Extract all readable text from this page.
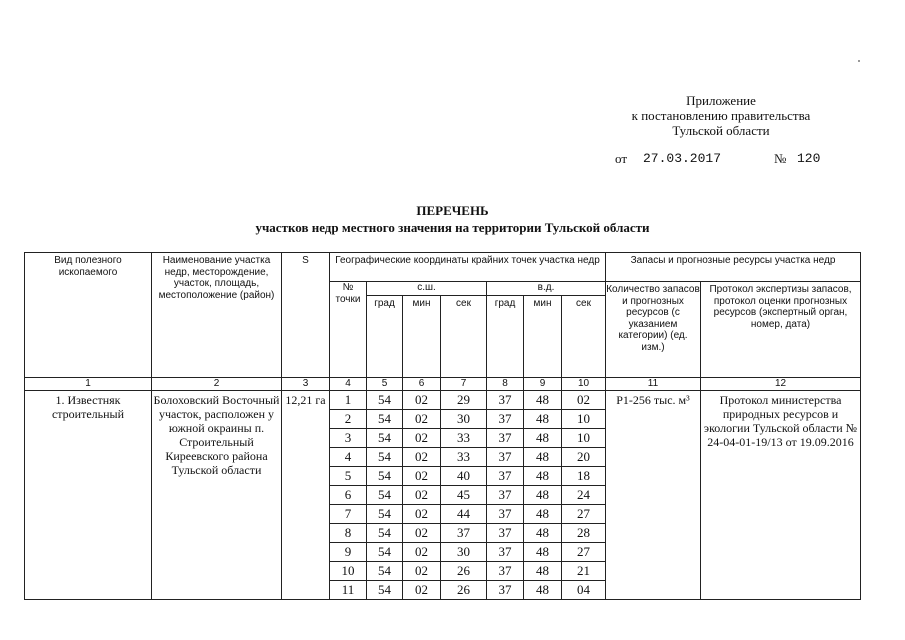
Приложение
к постановлению правительства
Тульской области
от 27.03.2017	№ 120
ПЕРЕЧЕНЬ
участков недр местного значения на территории Тульской области
Вид полезного ископаемого	Наименование участка недр, месторождение, участок, площадь, местоположение (район)	S	Географические координаты крайних точек участка недр							Запасы и прогнозные ресурсы участка недр	
			№ точки	с.ш.			в.д.			Количество запасов и прогнозных ресурсов (с указанием категории) (ед. изм.)	Протокол экспертизы запасов, протокол оценки прогнозных ресурсов (экспертный орган, номер, дата)
				град	мин	сек	град	мин	сек		
1	2	3	4	5	6	7	8	9	10	11	12
1. Известняк строительный	Болоховский Восточный участок, расположен у южной окраины п. Строительный Киреевского района Тульской области	12,21 га	1	54	02	29	37	48	02	Р1-256 тыс. м³	Протокол министерства природных ресурсов и экологии Тульской области № 24-04-01-19/13 от 19.09.2016
			2	54	02	30	37	48	10		
			3	54	02	33	37	48	10		
			4	54	02	33	37	48	20		
			5	54	02	40	37	48	18		
			6	54	02	45	37	48	24		
			7	54	02	44	37	48	27		
			8	54	02	37	37	48	28		
			9	54	02	30	37	48	27		
			10	54	02	26	37	48	21		
			11	54	02	26	37	48	04		
